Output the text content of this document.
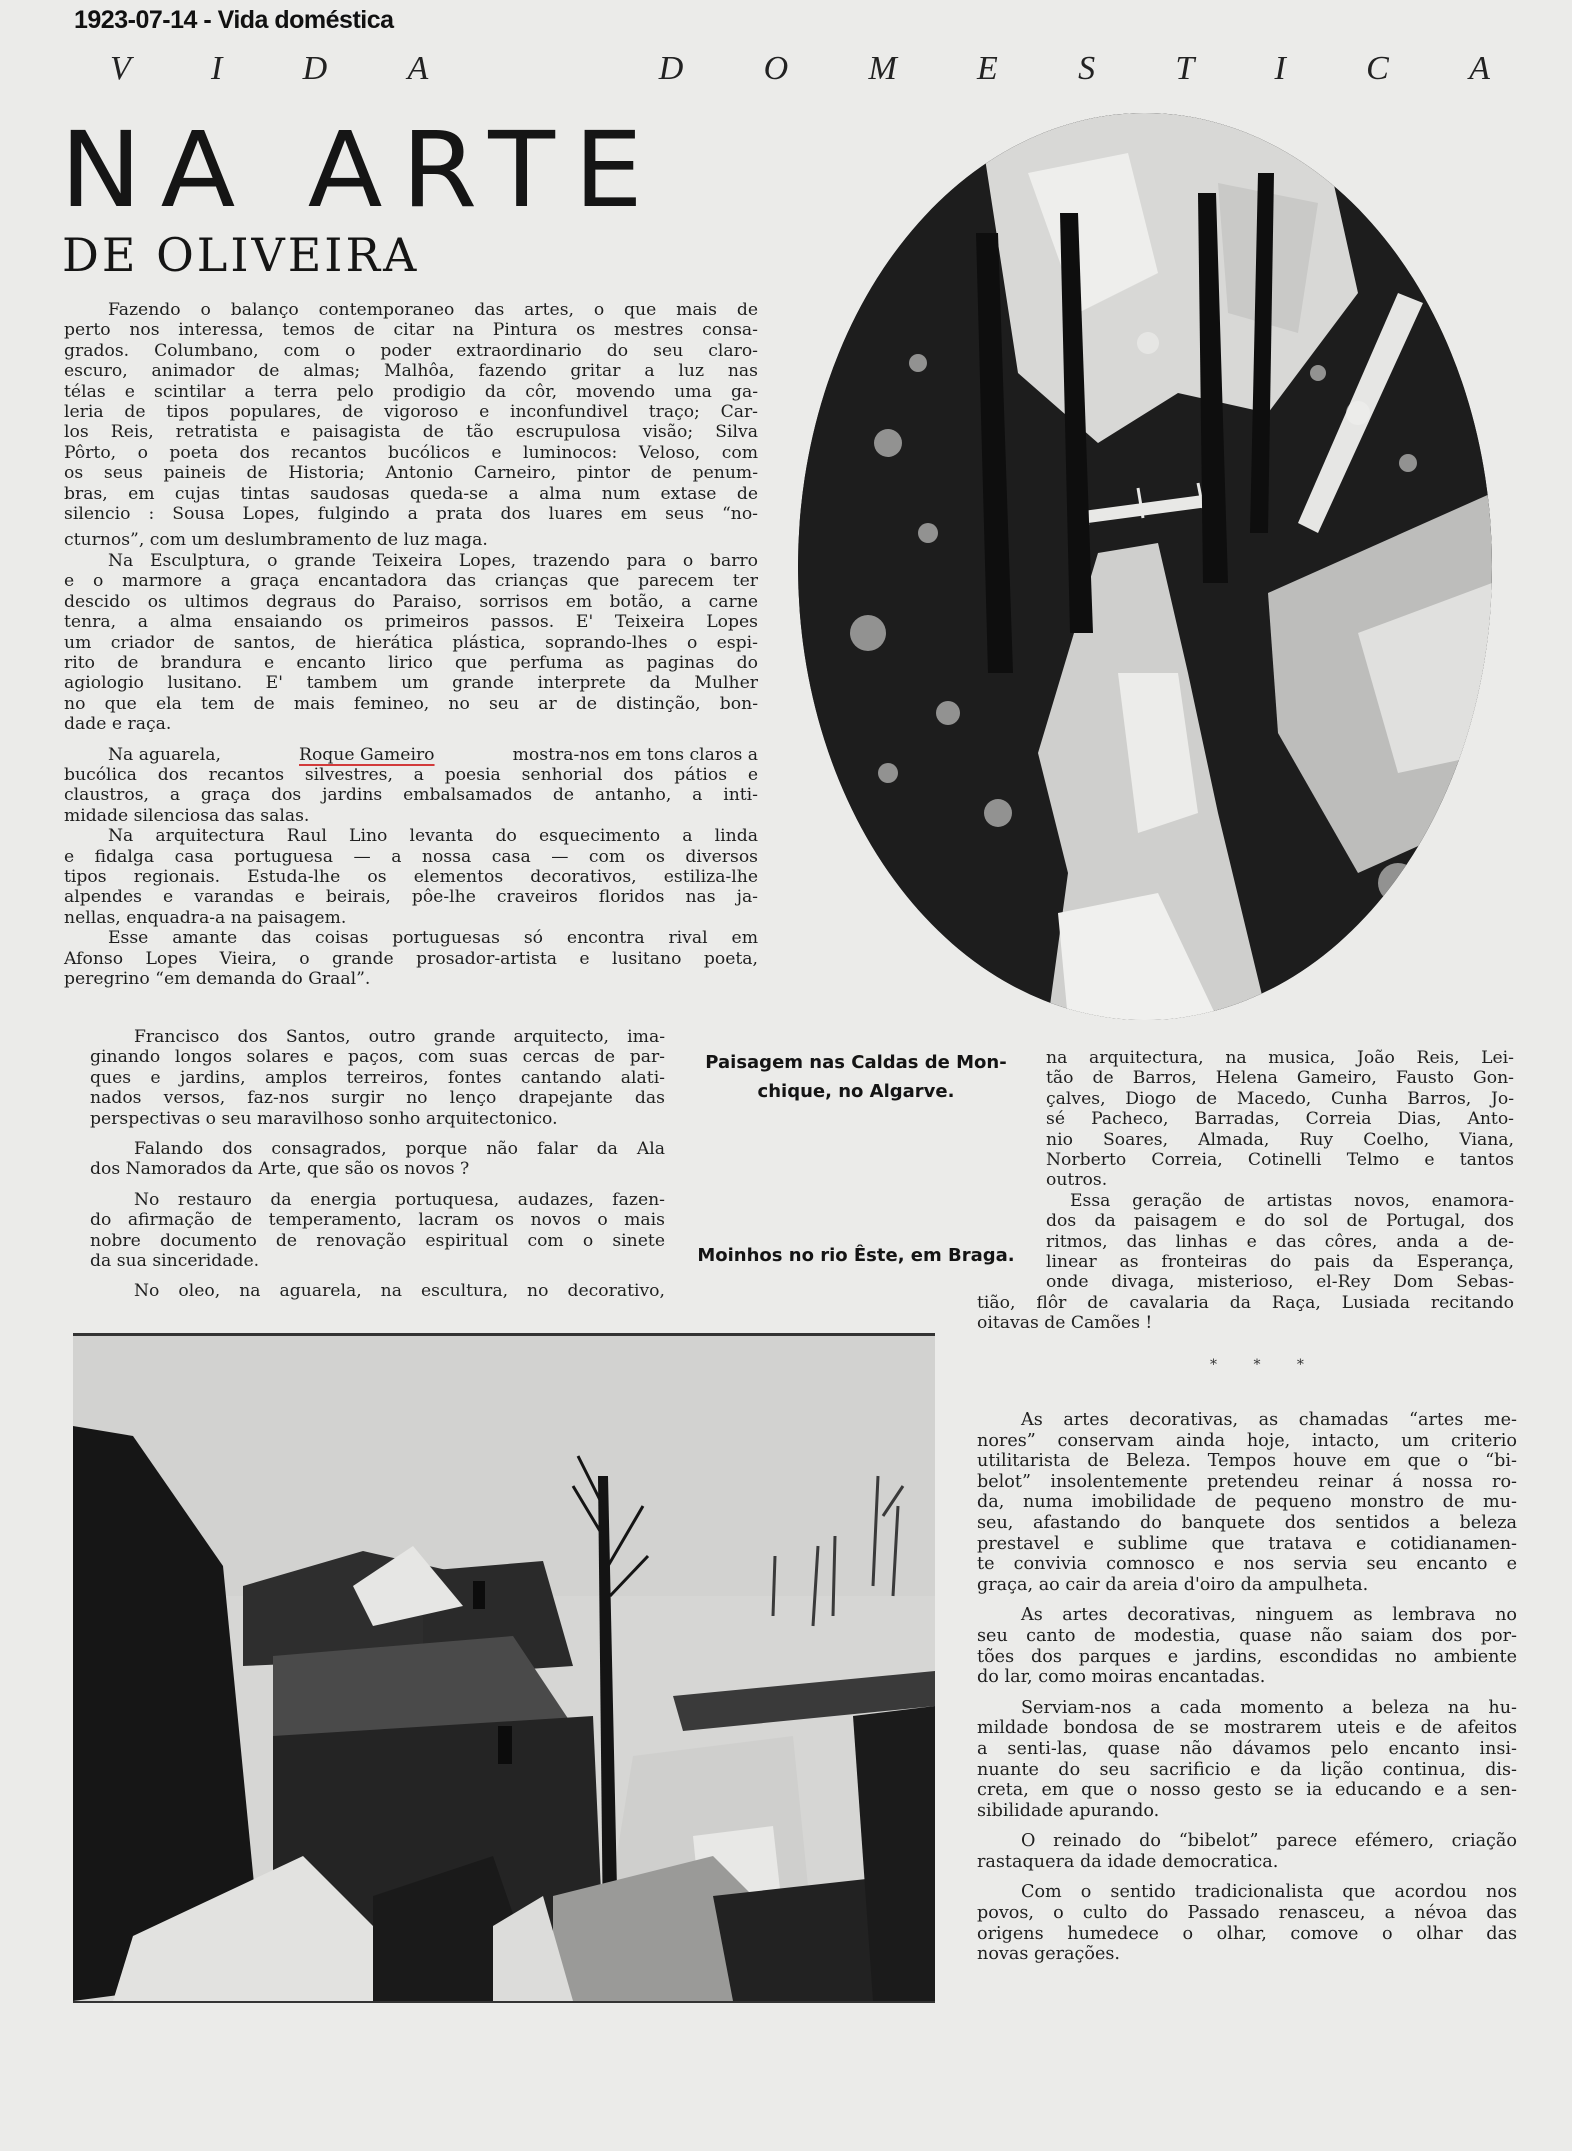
1923-07-14 - Vida doméstica
V I D A	D O M E S T I C A
NA ARTE
DE OLIVEIRA
Fazendo o balanço contemporaneo das artes, o que mais de
perto nos interessa, temos de citar na Pintura os mestres consa-
grados. Columbano, com o poder extraordinario do seu claro-
escuro, animador de almas; Malhôa, fazendo gritar a luz nas
télas e scintilar a terra pelo prodigio da côr, movendo uma ga-
leria de tipos populares, de vigoroso e inconfundivel traço; Car-
los Reis, retratista e paisagista de tão escrupulosa visão; Silva
Pôrto, o poeta dos recantos bucólicos e luminocos: Veloso, com
os seus paineis de Historia; Antonio Carneiro, pintor de penum-
bras, em cujas tintas saudosas queda-se a alma num extase de
silencio : Sousa Lopes, fulgindo a prata dos luares em seus “no-
cturnos”, com um deslumbramento de luz maga.
Na Esculptura, o grande Teixeira Lopes, trazendo para o barro
e o marmore a graça encantadora das crianças que parecem ter
descido os ultimos degraus do Paraiso, sorrisos em botão, a carne
tenra, a alma ensaiando os primeiros passos. E' Teixeira Lopes
um criador de santos, de hierática plástica, soprando-lhes o espi-
rito de brandura e encanto lirico que perfuma as paginas do
agiologio lusitano. E' tambem um grande interprete da Mulher
no que ela tem de mais femineo, no seu ar de distinção, bon-
dade e raça.
Na aguarela,	Roque Gameiro	mostra-nos em tons claros a
bucólica dos recantos silvestres, a poesia senhorial dos pátios e
claustros, a graça dos jardins embalsamados de antanho, a inti-
midade silenciosa das salas.
Na arquitectura Raul Lino levanta do esquecimento a linda
e fidalga casa portuguesa — a nossa casa — com os diversos
tipos regionais. Estuda-lhe os elementos decorativos, estiliza-lhe
alpendes e varandas e beirais, pôe-lhe craveiros floridos nas ja-
nellas, enquadra-a na paisagem.
Esse amante das coisas portuguesas só encontra rival em
Afonso Lopes Vieira, o grande prosador-artista e lusitano poeta,
peregrino “em demanda do Graal”.
Francisco dos Santos, outro grande arquitecto, ima-
ginando longos solares e paços, com suas cercas de par-
ques e jardins, amplos terreiros, fontes cantando alati-
nados versos, faz-nos surgir no lenço drapejante das
perspectivas o seu maravilhoso sonho arquitectonico.
Falando dos consagrados, porque não falar da Ala
dos Namorados da Arte, que são os novos ?
No restauro da energia portuquesa, audazes, fazen-
do afirmação de temperamento, lacram os novos o mais
nobre documento de renovação espiritual com o sinete
da sua sinceridade.
No oleo, na aguarela, na escultura, no decorativo,
Paisagem nas Caldas de Mon-
chique, no Algarve.
Moinhos no rio Êste, em Braga.
na arquitectura, na musica, João Reis, Lei-
tão de Barros, Helena Gameiro, Fausto Gon-
çalves, Diogo de Macedo, Cunha Barros, Jo-
sé Pacheco, Barradas, Correia Dias, Anto-
nio Soares, Almada, Ruy Coelho, Viana,
Norberto Correia, Cotinelli Telmo e tantos
outros.
Essa geração de artistas novos, enamora-
dos da paisagem e do sol de Portugal, dos
ritmos, das linhas e das côres, anda a de-
linear as fronteiras do pais da Esperança,
onde divaga, misterioso, el-Rey Dom Sebas-
tião, flôr de cavalaria da Raça, Lusiada recitando
oitavas de Camões !
* * *
As artes decorativas, as chamadas “artes me-
nores” conservam ainda hoje, intacto, um criterio
utilitarista de Beleza. Tempos houve em que o “bi-
belot” insolentemente pretendeu reinar á nossa ro-
da, numa imobilidade de pequeno monstro de mu-
seu, afastando do banquete dos sentidos a beleza
prestavel e sublime que tratava e cotidianamen-
te convivia comnosco e nos servia seu encanto e
graça, ao cair da areia d'oiro da ampulheta.
As artes decorativas, ninguem as lembrava no
seu canto de modestia, quase não saiam dos por-
tões dos parques e jardins, escondidas no ambiente
do lar, como moiras encantadas.
Serviam-nos a cada momento a beleza na hu-
mildade bondosa de se mostrarem uteis e de afeitos
a senti-las, quase não dávamos pelo encanto insi-
nuante do seu sacrificio e da lição continua, dis-
creta, em que o nosso gesto se ia educando e a sen-
sibilidade apurando.
O reinado do “bibelot” parece efémero, criação
rastaquera da idade democratica.
Com o sentido tradicionalista que acordou nos
povos, o culto do Passado renasceu, a névoa das
origens humedece o olhar, comove o olhar das
novas gerações.
